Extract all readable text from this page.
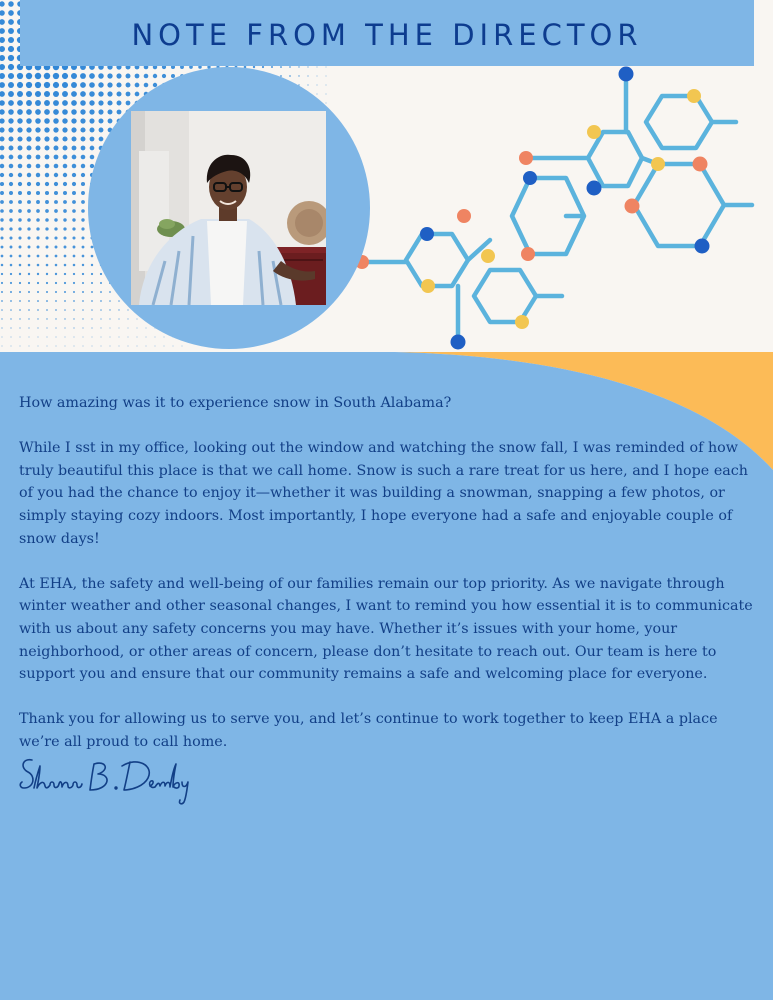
NOTE FROM THE DIRECTOR

How amazing was it to experience snow in South Alabama?

While I sst in my office, looking out the window and watching the snow fall, I was reminded of how truly beautiful this place is that we call home. Snow is such a rare treat for us here, and I hope each of you had the chance to enjoy it—whether it was building a snowman, snapping a few photos, or simply staying cozy indoors. Most importantly, I hope everyone had a safe and enjoyable couple of snow days!

At EHA, the safety and well-being of our families remain our top priority. As we navigate through winter weather and other seasonal changes, I want to remind you how essential it is to communicate with us about any safety concerns you may have. Whether it’s issues with your home, your neighborhood, or other areas of concern, please don’t hesitate to reach out. Our team is here to support you and ensure that our community remains a safe and welcoming place for everyone.

Thank you for allowing us to serve you, and let’s continue to work together to keep EHA a place we’re all proud to call home.
